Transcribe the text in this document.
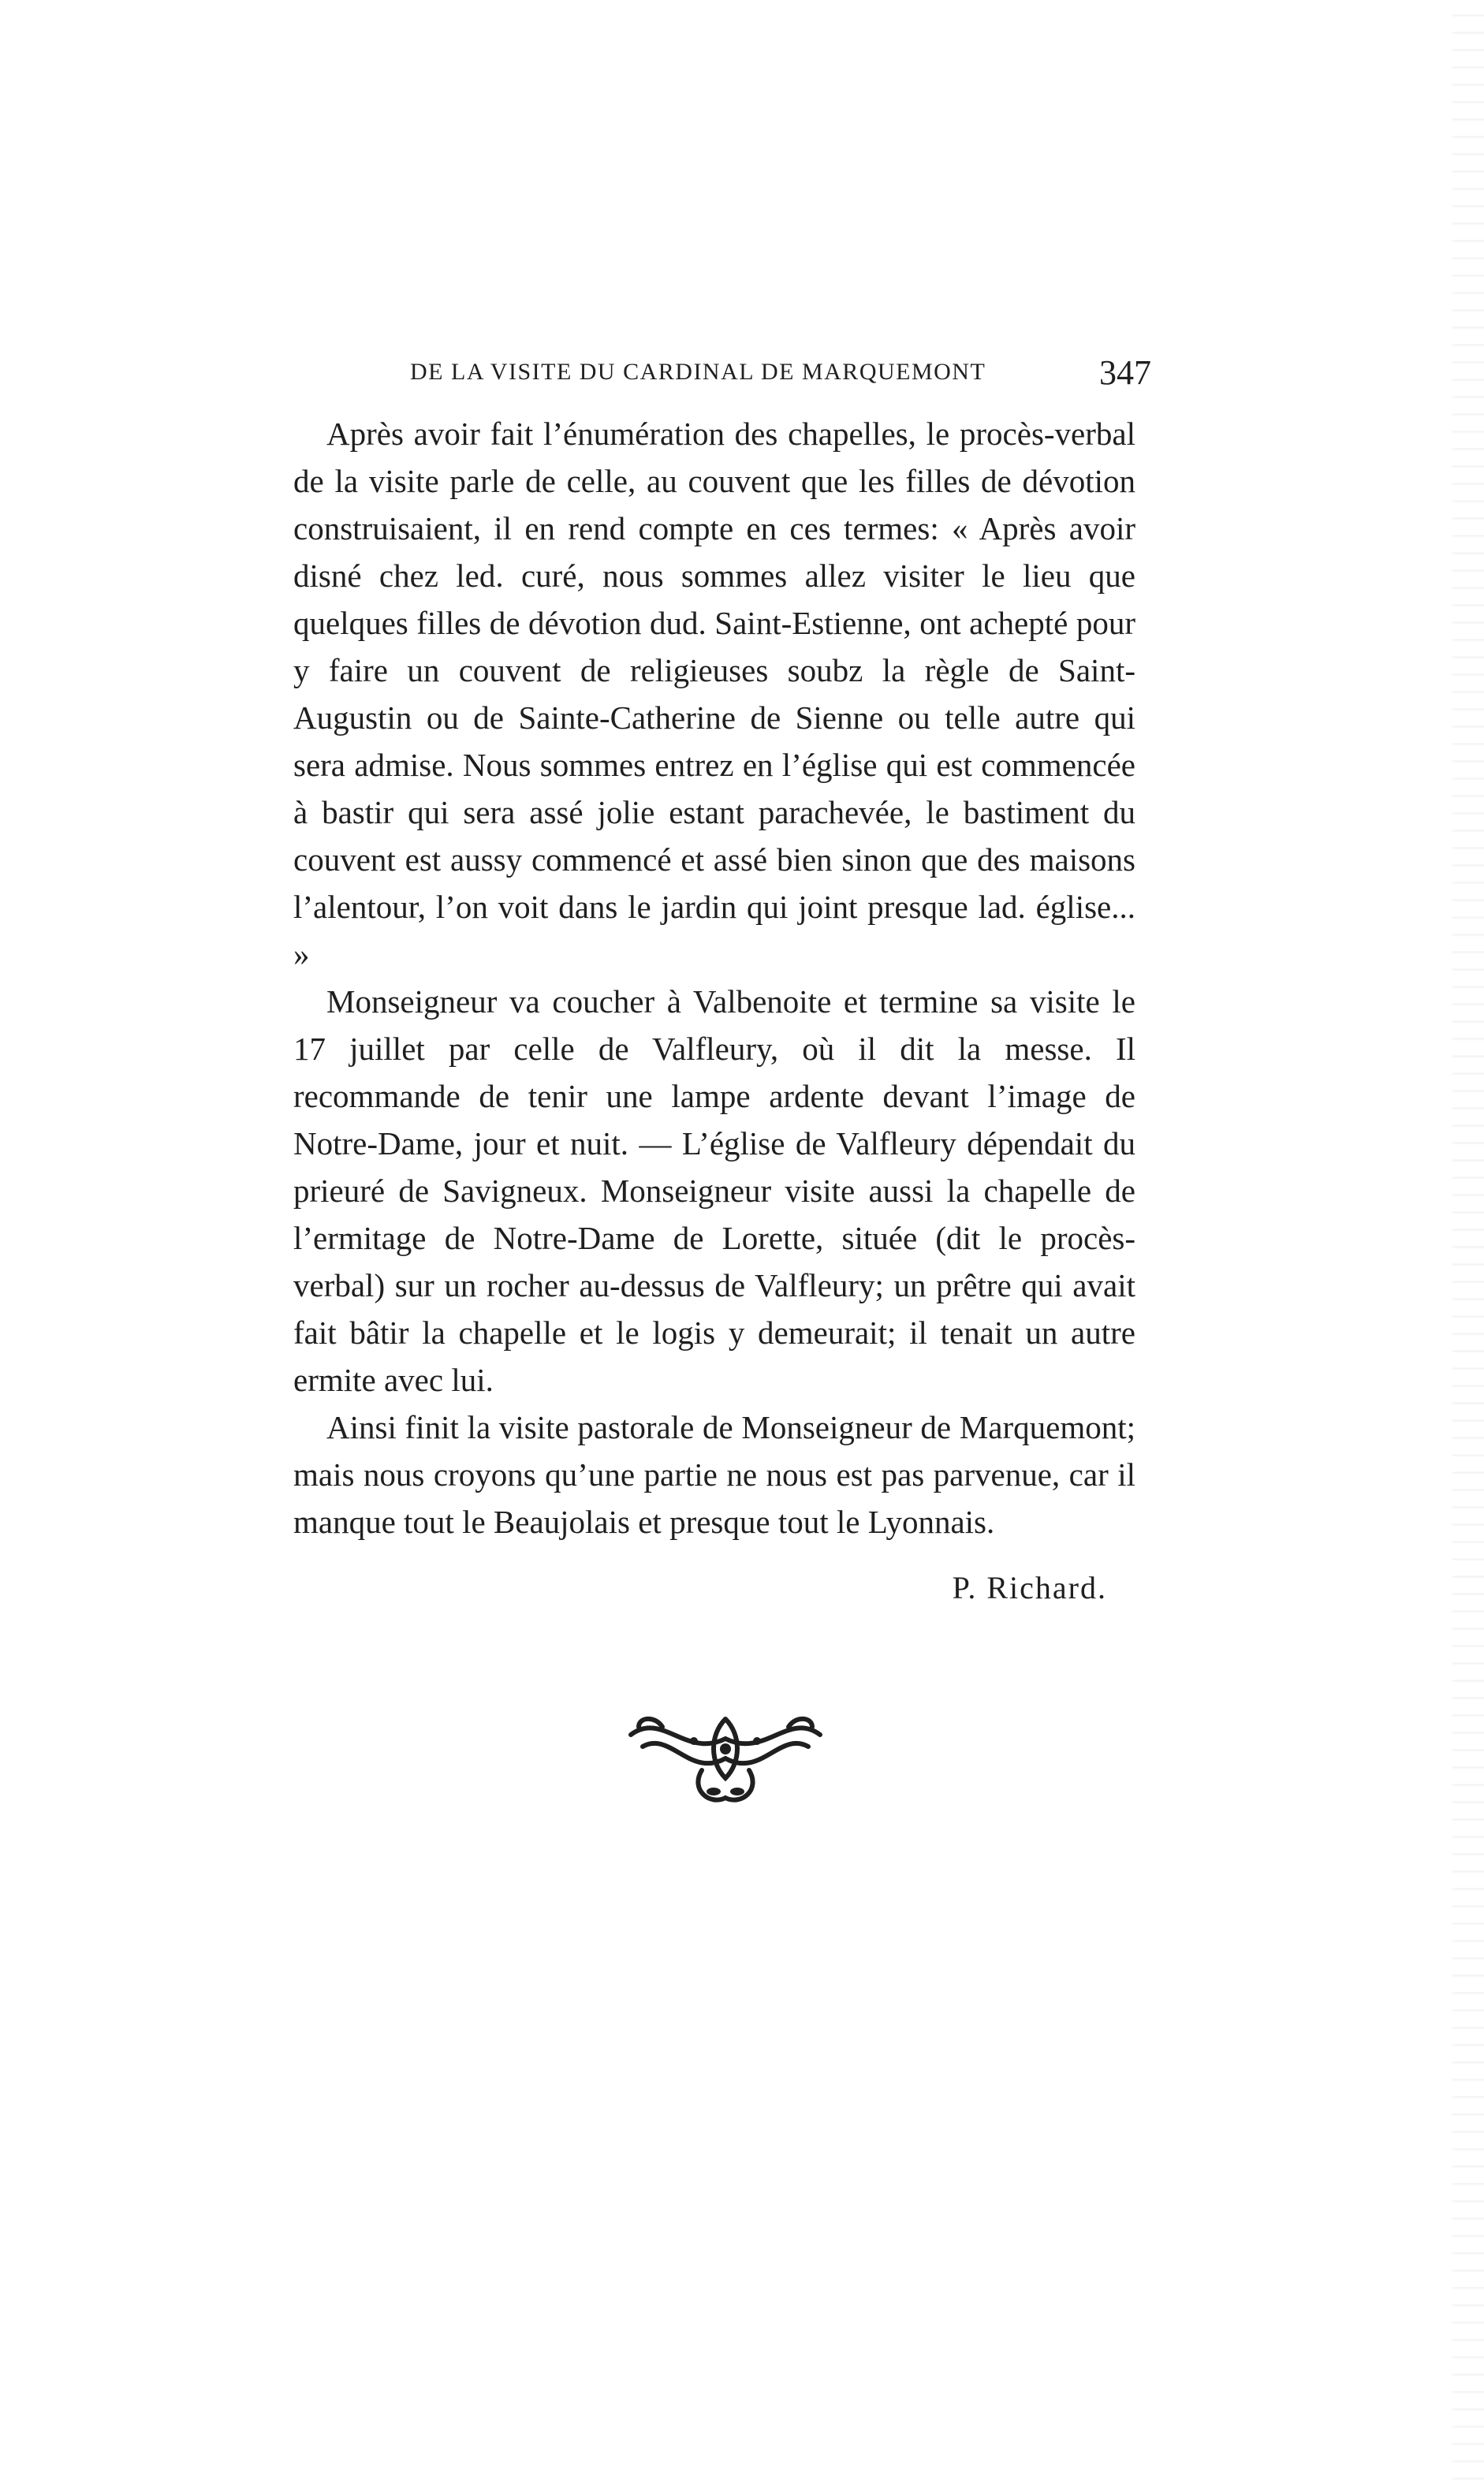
DE LA VISITE DU CARDINAL DE MARQUEMONT	347

Après avoir fait l’énumération des chapelles, le procès-verbal de la visite parle de celle, au couvent que les filles de dévotion construisaient, il en rend compte en ces termes: « Après avoir disné chez led. curé, nous sommes allez visiter le lieu que quelques filles de dévotion dud. Saint-Estienne, ont achepté pour y faire un couvent de religieuses soubz la règle de Saint-Augustin ou de Sainte-Catherine de Sienne ou telle autre qui sera admise. Nous sommes entrez en l’église qui est commencée à bastir qui sera assé jolie estant parachevée, le bastiment du couvent est aussy commencé et assé bien sinon que des maisons l’alentour, l’on voit dans le jardin qui joint presque lad. église... »

Monseigneur va coucher à Valbenoite et termine sa visite le 17 juillet par celle de Valfleury, où il dit la messe. Il recommande de tenir une lampe ardente devant l’image de Notre-Dame, jour et nuit. — L’église de Valfleury dépendait du prieuré de Savigneux. Monseigneur visite aussi la chapelle de l’ermitage de Notre-Dame de Lorette, située (dit le procès-verbal) sur un rocher au-dessus de Valfleury; un prêtre qui avait fait bâtir la chapelle et le logis y demeurait; il tenait un autre ermite avec lui.

Ainsi finit la visite pastorale de Monseigneur de Marquemont; mais nous croyons qu’une partie ne nous est pas parvenue, car il manque tout le Beaujolais et presque tout le Lyonnais.

P. Richard.
